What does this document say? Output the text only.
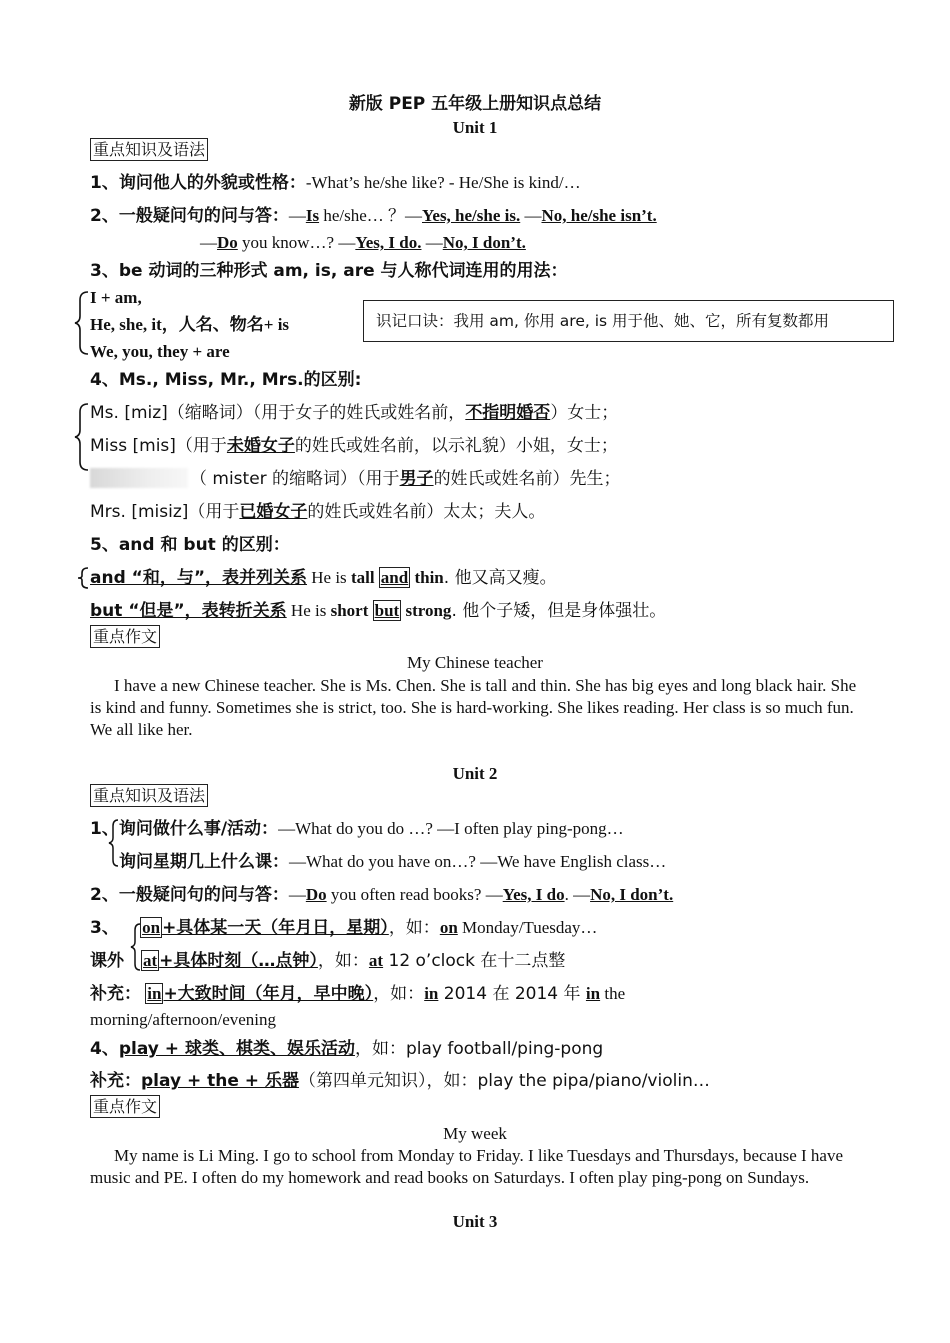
新版 PEP 五年级上册知识点总结
Unit 1
重点知识及语法
1、询问他人的外貌或性格：-What’s he/she like? - He/She is kind/…
2、一般疑问句的问与答：—Is he/she… ？—Yes, he/she is. —No, he/she isn’t.
—Do you know…? —Yes, I do. —No, I don’t.
3、be 动词的三种形式 am, is, are 与人称代词连用的用法：
I + am,
He, she, it，人名、物名+ is
We, you, they + are
识记口诀：我用 am, 你用 are, is 用于他、她、它，所有复数都用
4、Ms., Miss, Mr., Mrs.的区别:
Ms. [miz]（缩略词）（用于女子的姓氏或姓名前，不指明婚否）女士；
Miss [mis]（用于未婚女子的姓氏或姓名前，以示礼貌）小姐，女士；
（ mister 的缩略词）（用于男子的姓氏或姓名前）先生；
Mrs. [misiz]（用于已婚女子的姓氏或姓名前）太太；夫人。
5、and 和 but 的区别：
and “和，与”，表并列关系 He is tall and thin. 他又高又瘦。
but “但是”，表转折关系 He is short but strong. 他个子矮，但是身体强壮。
重点作文
My Chinese teacher
I have a new Chinese teacher. She is Ms. Chen. She is tall and thin. She has big eyes and long black hair. She is kind and funny. Sometimes she is strict, too. She is hard-working. She likes reading. Her class is so much fun. We all like her.
Unit 2
重点知识及语法
1、询问做什么事/活动：—What do you do …? —I often play ping-pong…
询问星期几上什么课：—What do you have on…? —We have English class…
2、一般疑问句的问与答：—Do you often read books? —Yes, I do. —No, I don’t.
3、 on +具体某一天（年月日，星期），如：on Monday/Tuesday…
课外 at +具体时刻（…点钟），如：at 12 o’clock 在十二点整
补充： in +大致时间（年月，早中晚），如：in 2014 在 2014 年 in the
morning/afternoon/evening
4、play + 球类、棋类、娱乐活动，如：play football/ping-pong
补充：play + the + 乐器（第四单元知识），如：play the pipa/piano/violin…
重点作文
My week
My name is Li Ming. I go to school from Monday to Friday. I like Tuesdays and Thursdays, because I have music and PE. I often do my homework and read books on Saturdays. I often play ping-pong on Sundays.
Unit 3
